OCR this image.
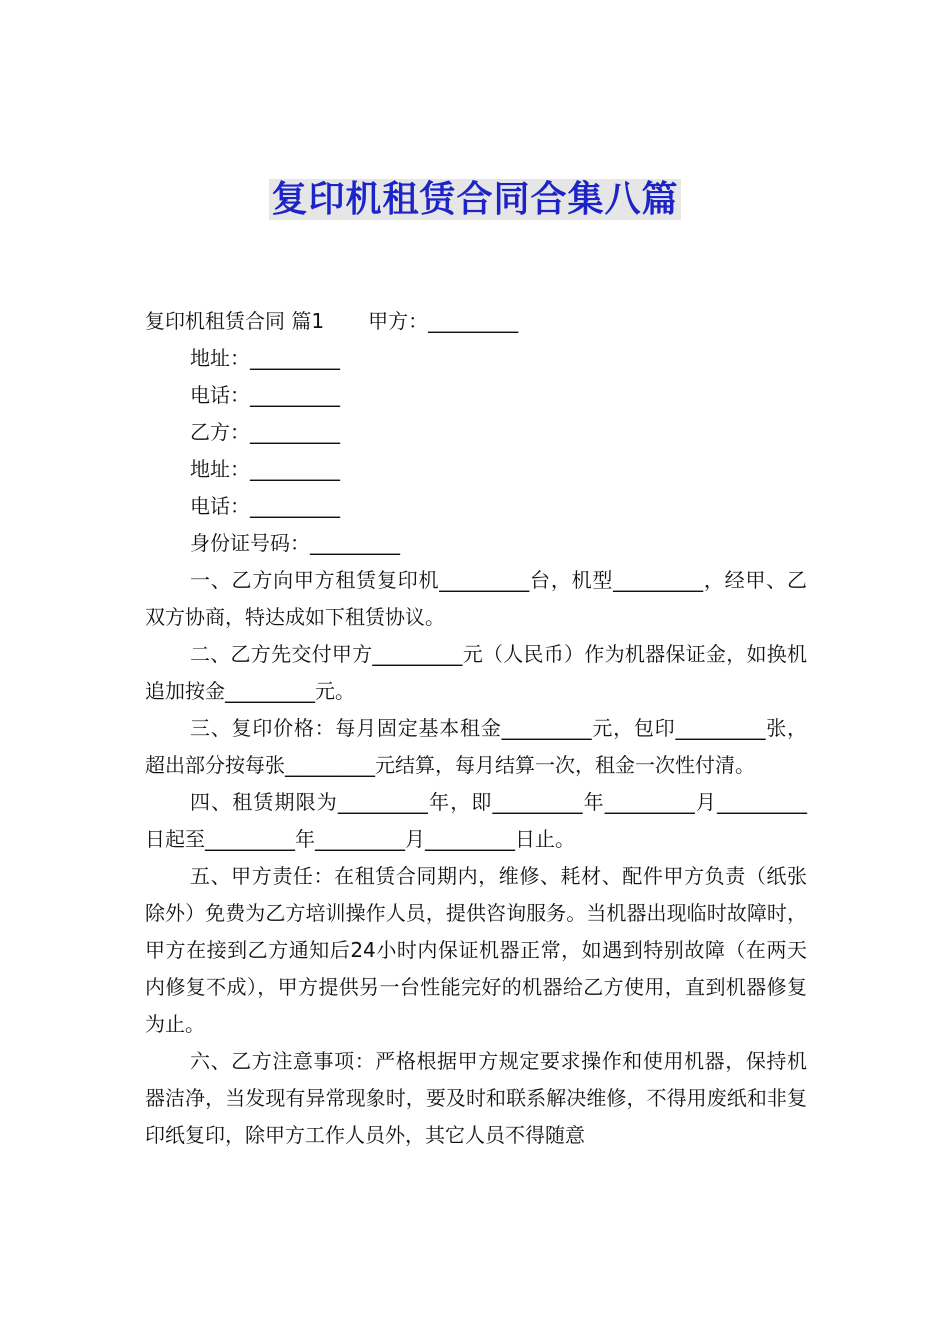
复印机租赁合同合集八篇

复印机租赁合同 篇1 甲方：_________

地址：_________

电话：_________

乙方：_________

地址：_________

电话：_________

身份证号码：_________

一、乙方向甲方租赁复印机_________台，机型_________，经甲、乙双方协商，特达成如下租赁协议。

二、乙方先交付甲方_________元（人民币）作为机器保证金，如换机追加按金_________元。

三、复印价格：每月固定基本租金_________元，包印_________张，超出部分按每张_________元结算，每月结算一次，租金一次性付清。

四、租赁期限为_________年，即_________年_________月_________日起至_________年_________月_________日止。

五、甲方责任：在租赁合同期内，维修、耗材、配件甲方负责（纸张除外）免费为乙方培训操作人员，提供咨询服务。当机器出现临时故障时，甲方在接到乙方通知后24小时内保证机器正常，如遇到特别故障（在两天内修复不成），甲方提供另一台性能完好的机器给乙方使用，直到机器修复为止。

六、乙方注意事项：严格根据甲方规定要求操作和使用机器，保持机器洁净，当发现有异常现象时，要及时和联系解决维修，不得用废纸和非复印纸复印，除甲方工作人员外，其它人员不得随意
